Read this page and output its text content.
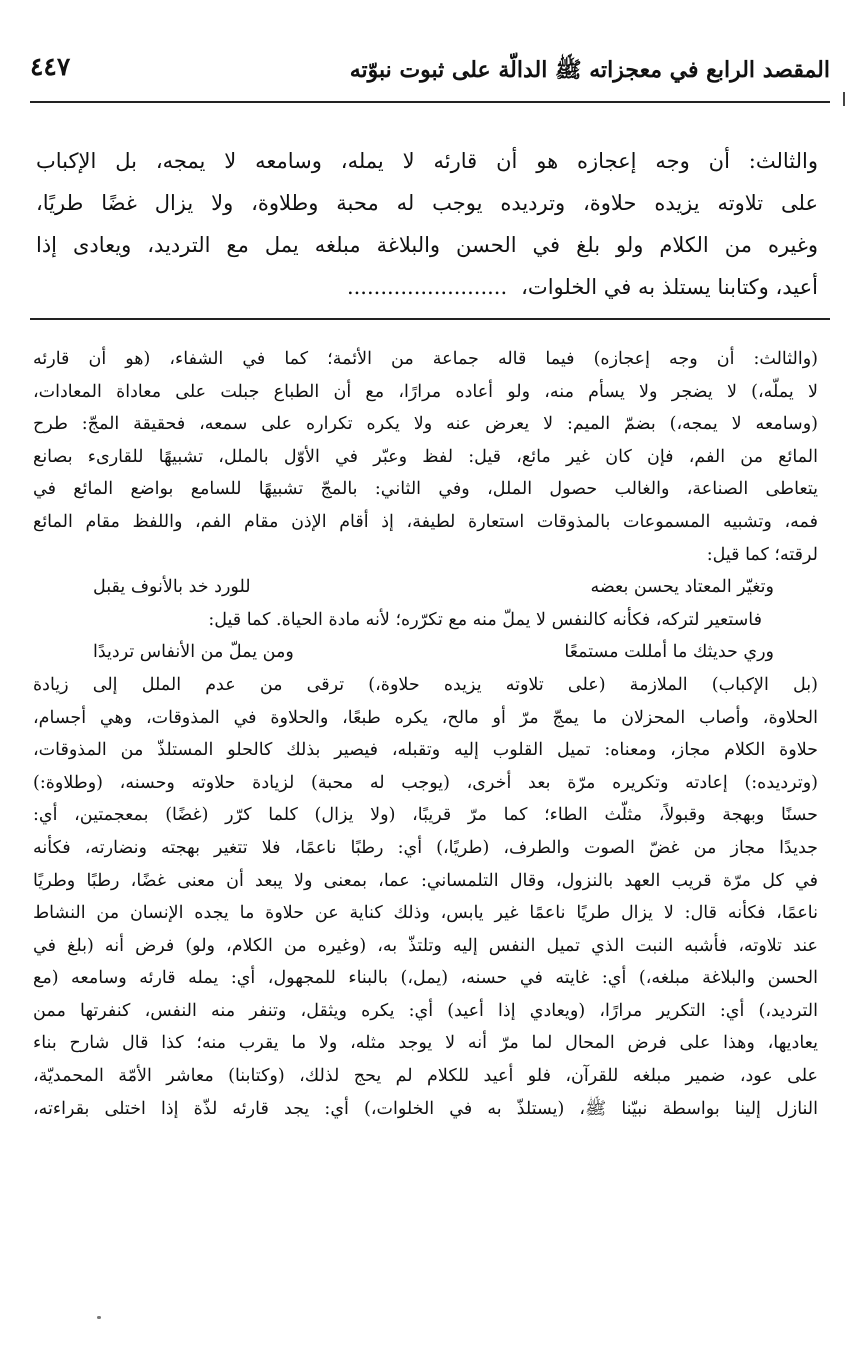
٤٤٧	المقصد الرابع في معجزاته ﷺ الدالّة على ثبوت نبوّته
والثالث: أن وجه إعجازه هو أن قارئه لا يمله، وسامعه لا يمجه، بل الإكباب
على تلاوته يزيده حلاوة، وترديده يوجب له محبة وطلاوة، ولا يزال غضًا طريًا،
وغيره من الكلام ولو بلغ في الحسن والبلاغة مبلغه يمل مع الترديد، ويعادى إذا
أعيد، وكتابنا يستلذ به في الخلوات،........................
(والثالث: أن وجه إعجازه) فيما قاله جماعة من الأئمة؛ كما في الشفاء، (هو أن قارئه
لا يملّه،) لا يضجر ولا يسأم منه، ولو أعاده مرارًا، مع أن الطباع جبلت على معاداة المعادات،
(وسامعه لا يمجه،) بضمّ الميم: لا يعرض عنه ولا يكره تكراره على سمعه، فحقيقة المجّ: طرح
المائع من الفم، فإن كان غير مائع، قيل: لفظ وعبّر في الأوّل بالملل، تشبيهًا للقارىء بصانع
يتعاطى الصناعة، والغالب حصول الملل، وفي الثاني: بالمجّ تشبيهًا للسامع بواضع المائع في
فمه، وتشبيه المسموعات بالمذوقات استعارة لطيفة، إذ أقام الإذن مقام الفم، واللفظ مقام المائع
لرقته؛ كما قيل:
وتغيّر المعتاد يحسن بعضه
للورد خد بالأنوف يقبل
فاستعير لتركه، فكأنه كالنفس لا يملّ منه مع تكرّره؛ لأنه مادة الحياة. كما قيل:
وري حديثك ما أمللت مستمعًا
ومن يملّ من الأنفاس ترديدًا
(بل الإكباب) الملازمة (على تلاوته يزيده حلاوة،) ترقى من عدم الملل إلى زيادة
الحلاوة، وأصاب المحزلان ما يمجّ مرّ أو مالح، يكره طبعًا، والحلاوة في المذوقات، وهي أجسام،
حلاوة الكلام مجاز، ومعناه: تميل القلوب إليه وتقبله، فيصير بذلك كالحلو المستلذّ من المذوقات،
(وترديده:) إعادته وتكريره مرّة بعد أخرى، (يوجب له محبة) لزيادة حلاوته وحسنه، (وطلاوة:)
حسنًا وبهجة وقبولاً، مثلّث الطاء؛ كما مرّ قريبًا، (ولا يزال) كلما كرّر (غضًا) بمعجمتين، أي:
جديدًا مجاز من غضّ الصوت والطرف، (طريًا،) أي: رطبًا ناعمًا، فلا تتغير بهجته ونضارته، فكأنه
في كل مرّة قريب العهد بالنزول، وقال التلمساني: عما، بمعنى ولا يبعد أن معنى غضًا، رطبًا وطريًا
ناعمًا، فكأنه قال: لا يزال طريًا ناعمًا غير يابس، وذلك كناية عن حلاوة ما يجده الإنسان من النشاط
عند تلاوته، فأشبه النبت الذي تميل النفس إليه وتلتذّ به، (وغيره من الكلام، ولو) فرض أنه (بلغ في
الحسن والبلاغة مبلغه،) أي: غايته في حسنه، (يمل،) بالبناء للمجهول، أي: يمله قارئه وسامعه (مع
الترديد،) أي: التكرير مرارًا، (ويعادي إذا أعيد) أي: يكره ويثقل، وتنفر منه النفس، كنفرتها ممن
يعاديها، وهذا على فرض المحال لما مرّ أنه لا يوجد مثله، ولا ما يقرب منه؛ كذا قال شارح بناء
على عود، ضمير مبلغه للقرآن، فلو أعيد للكلام لم يحج لذلك، (وكتابنا) معاشر الأمّة المحمديّة،
النازل إلينا بواسطة نبيّنا ﷺ، (يستلذّ به في الخلوات،) أي: يجد قارئه لذّة إذا اختلى بقراءته،
